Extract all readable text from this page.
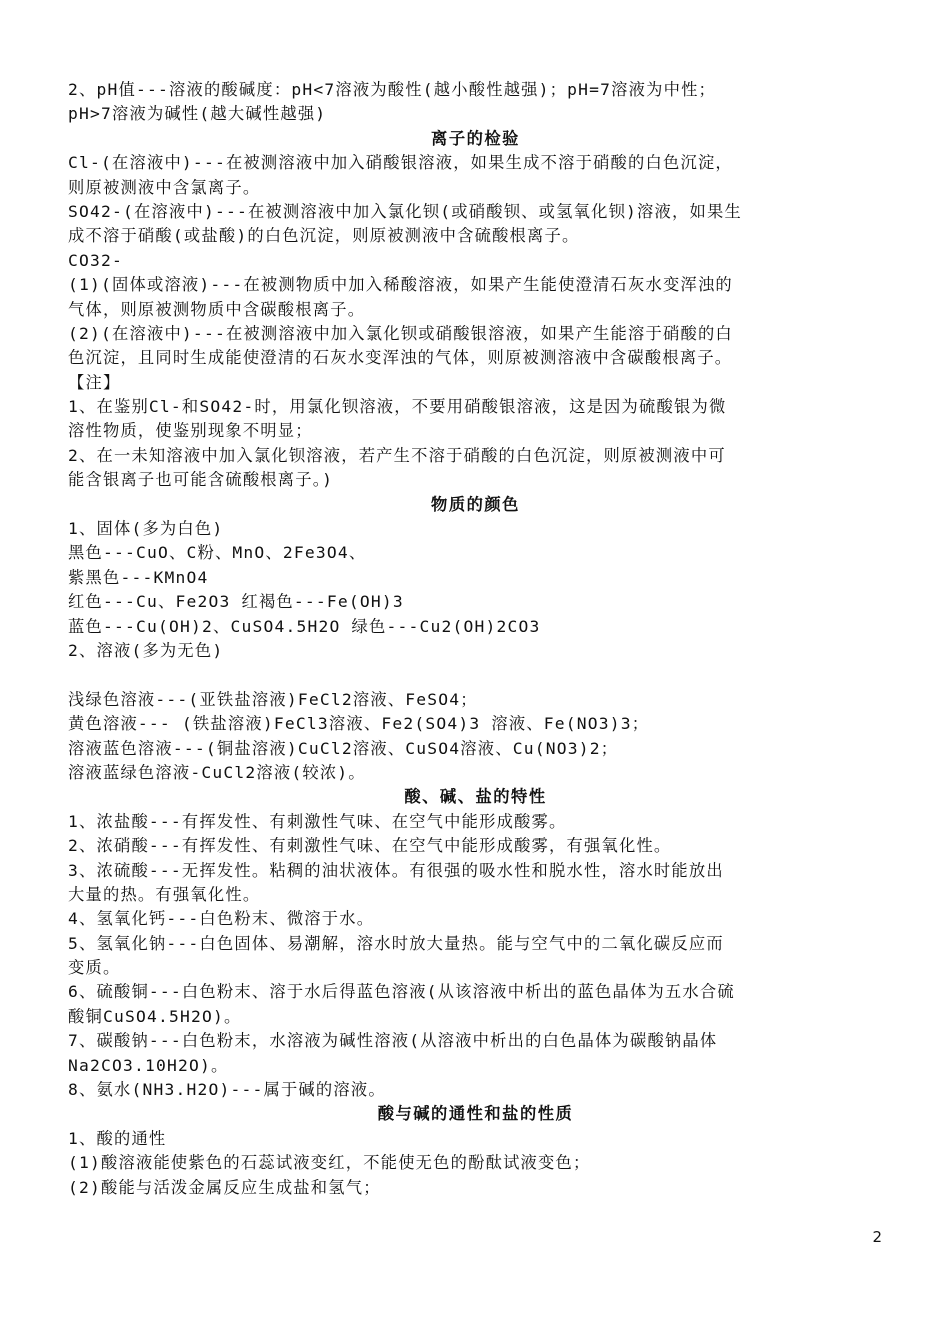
2、pH值---溶液的酸碱度：pH<7溶液为酸性(越小酸性越强)；pH=7溶液为中性；
pH>7溶液为碱性(越大碱性越强)
离子的检验
Cl-(在溶液中)---在被测溶液中加入硝酸银溶液，如果生成不溶于硝酸的白色沉淀，
则原被测液中含氯离子。
SO42-(在溶液中)---在被测溶液中加入氯化钡(或硝酸钡、或氢氧化钡)溶液，如果生
成不溶于硝酸(或盐酸)的白色沉淀，则原被测液中含硫酸根离子。
CO32-
(1)(固体或溶液)---在被测物质中加入稀酸溶液，如果产生能使澄清石灰水变浑浊的
气体，则原被测物质中含碳酸根离子。
(2)(在溶液中)---在被测溶液中加入氯化钡或硝酸银溶液，如果产生能溶于硝酸的白
色沉淀，且同时生成能使澄清的石灰水变浑浊的气体，则原被测溶液中含碳酸根离子。
【注】
1、在鉴别Cl-和SO42-时，用氯化钡溶液，不要用硝酸银溶液，这是因为硫酸银为微
溶性物质，使鉴别现象不明显；
2、在一未知溶液中加入氯化钡溶液，若产生不溶于硝酸的白色沉淀，则原被测液中可
能含银离子也可能含硫酸根离子。)
物质的颜色
1、固体(多为白色)
黑色---CuO、C粉、MnO、2Fe3O4、
紫黑色---KMnO4
红色---Cu、Fe2O3 红褐色---Fe(OH)3
蓝色---Cu(OH)2、CuSO4.5H2O 绿色---Cu2(OH)2CO3
2、溶液(多为无色)
浅绿色溶液---(亚铁盐溶液)FeCl2溶液、FeSO4；
黄色溶液--- (铁盐溶液)FeCl3溶液、Fe2(SO4)3 溶液、Fe(NO3)3；
溶液蓝色溶液---(铜盐溶液)CuCl2溶液、CuSO4溶液、Cu(NO3)2；
溶液蓝绿色溶液-CuCl2溶液(较浓)。
酸、碱、盐的特性
1、浓盐酸---有挥发性、有刺激性气味、在空气中能形成酸雾。
2、浓硝酸---有挥发性、有刺激性气味、在空气中能形成酸雾，有强氧化性。
3、浓硫酸---无挥发性。粘稠的油状液体。有很强的吸水性和脱水性，溶水时能放出
大量的热。有强氧化性。
4、氢氧化钙---白色粉末、微溶于水。
5、氢氧化钠---白色固体、易潮解，溶水时放大量热。能与空气中的二氧化碳反应而
变质。
6、硫酸铜---白色粉末、溶于水后得蓝色溶液(从该溶液中析出的蓝色晶体为五水合硫
酸铜CuSO4.5H2O)。
7、碳酸钠---白色粉末，水溶液为碱性溶液(从溶液中析出的白色晶体为碳酸钠晶体
Na2CO3.10H2O)。
8、氨水(NH3.H2O)---属于碱的溶液。
酸与碱的通性和盐的性质
1、酸的通性
(1)酸溶液能使紫色的石蕊试液变红，不能使无色的酚酞试液变色；
(2)酸能与活泼金属反应生成盐和氢气；
2
